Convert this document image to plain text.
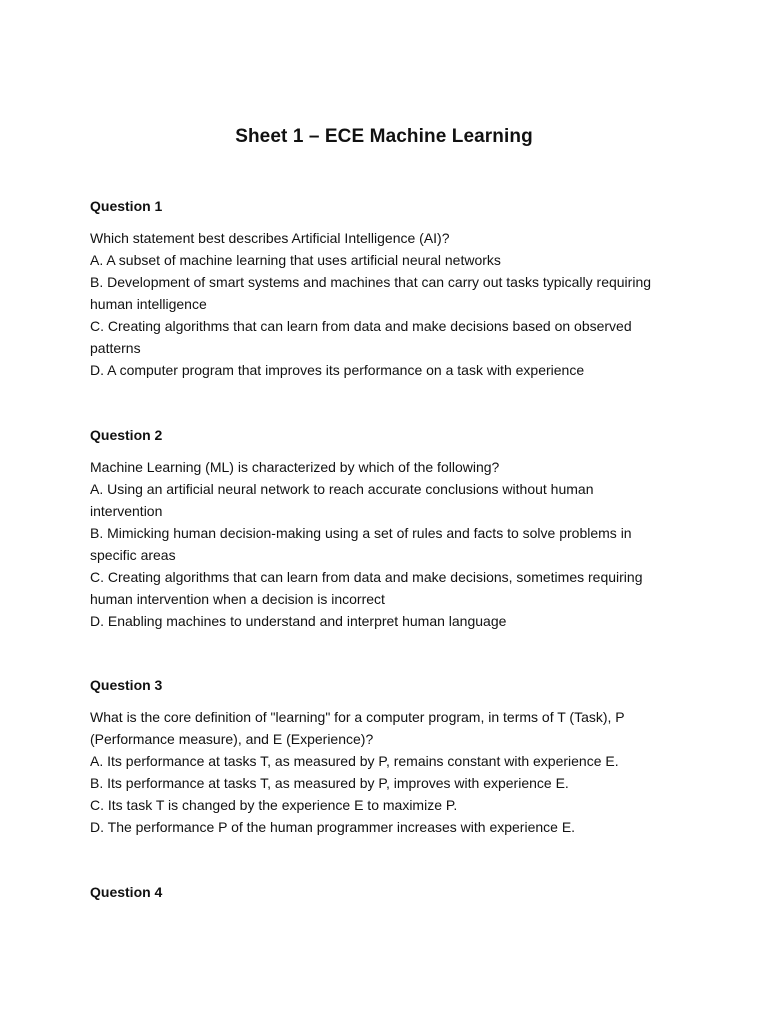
Sheet 1 – ECE Machine Learning
Question 1
Which statement best describes Artificial Intelligence (AI)?
A. A subset of machine learning that uses artificial neural networks
B. Development of smart systems and machines that can carry out tasks typically requiring
human intelligence
C. Creating algorithms that can learn from data and make decisions based on observed
patterns
D. A computer program that improves its performance on a task with experience
Question 2
Machine Learning (ML) is characterized by which of the following?
A. Using an artificial neural network to reach accurate conclusions without human
intervention
B. Mimicking human decision-making using a set of rules and facts to solve problems in
specific areas
C. Creating algorithms that can learn from data and make decisions, sometimes requiring
human intervention when a decision is incorrect
D. Enabling machines to understand and interpret human language
Question 3
What is the core definition of "learning" for a computer program, in terms of T (Task), P
(Performance measure), and E (Experience)?
A. Its performance at tasks T, as measured by P, remains constant with experience E.
B. Its performance at tasks T, as measured by P, improves with experience E.
C. Its task T is changed by the experience E to maximize P.
D. The performance P of the human programmer increases with experience E.
Question 4
